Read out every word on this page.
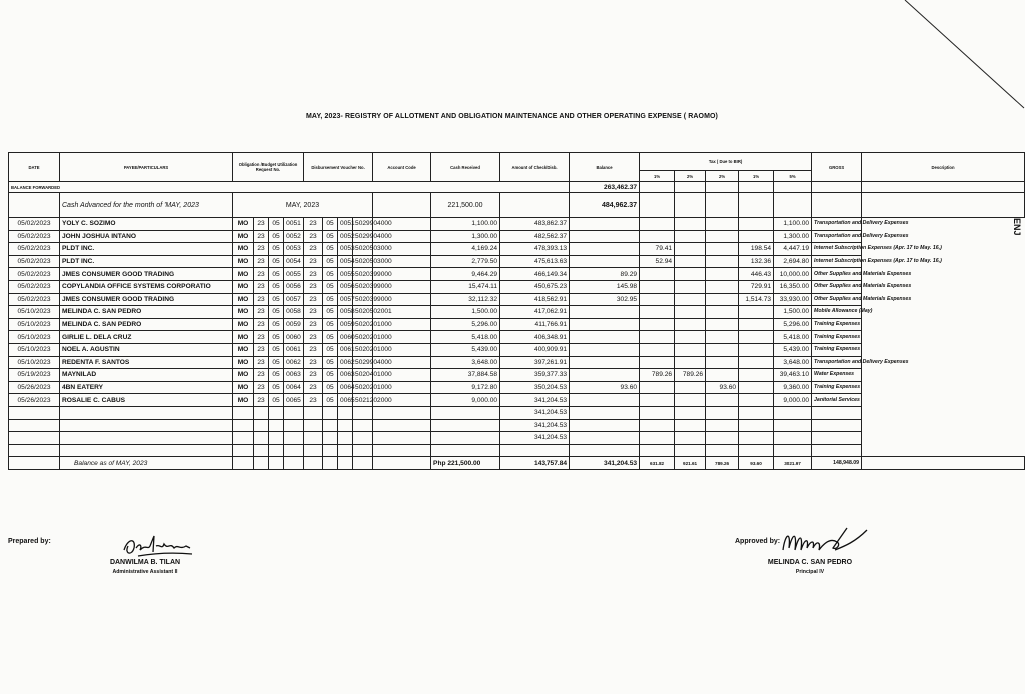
MAY, 2023- REGISTRY OF ALLOTMENT AND OBLIGATION MAINTENANCE AND OTHER OPERATING EXPENSE ( RAOMO)
DATE	PAYEE/PARTICULARS	Obligation /Budget Utilization Request No.				Disbursement Voucher No.				Account Code	Cash Received	Amount of Check/Disb.	Balance	Tax ( Due to BIR)					GROSS	Description
														1%	2%	2%	1%	5%		
BALANCE FORWARDED													263,462.37							
	Cash Advanced for the month of 'MAY, 2023	MAY, 2023									221,500.00		484,962.37							
05/02/2023	YOLY C. SOZIMO	MO	23	05	0051	23	05	0051	5029904000		1,100.00	483,862.37						1,100.00	Transportation and Delivery Expenses	
05/02/2023	JOHN JOSHUA INTANO	MO	23	05	0052	23	05	0052	5029904000		1,300.00	482,562.37						1,300.00	Transportation and Delivery Expenses	
05/02/2023	PLDT INC.	MO	23	05	0053	23	05	0053	5020503000		4,169.24	478,393.13		79.41			198.54	4,447.19	Internet Subscription Expenses (Apr. 17 to May. 16,)	
05/02/2023	PLDT INC.	MO	23	05	0054	23	05	0054	5020503000		2,779.50	475,613.63		52.94			132.36	2,694.80	Internet Subscription Expenses (Apr. 17 to May. 16,)	
05/02/2023	JMES CONSUMER GOOD TRADING	MO	23	05	0055	23	05	0055	5020399000		9,464.29	466,149.34	89.29				446.43	10,000.00	Other Supplies and Materials Expenses	
05/02/2023	COPYLANDIA OFFICE SYSTEMS CORPORATIO	MO	23	05	0056	23	05	0056	5020399000		15,474.11	450,675.23	145.98				729.91	16,350.00	Other Supplies and Materials Expenses	
05/02/2023	JMES CONSUMER GOOD TRADING	MO	23	05	0057	23	05	0057	5020399000		32,112.32	418,562.91	302.95				1,514.73	33,930.00	Other Supplies and Materials Expenses	
05/10/2023	MELINDA C. SAN PEDRO	MO	23	05	0058	23	05	0058	5020502001		1,500.00	417,062.91						1,500.00	Mobile Allowance (May)	
05/10/2023	MELINDA C. SAN PEDRO	MO	23	05	0059	23	05	0059	5020201000		5,296.00	411,766.91						5,296.00	Training Expenses	
05/10/2023	GIRLIE L. DELA CRUZ	MO	23	05	0060	23	05	0060	5020201000		5,418.00	406,348.91						5,418.00	Training Expenses	
05/10/2023	NOEL A. AGUSTIN	MO	23	05	0061	23	05	0061	5020201000		5,439.00	400,909.91						5,439.00	Training Expenses	
05/10/2023	REDENTA F. SANTOS	MO	23	05	0062	23	05	0062	5029904000		3,648.00	397,261.91						3,648.00	Transportation and Delivery Expenses	
05/19/2023	MAYNILAD	MO	23	05	0063	23	05	0063	5020401000		37,884.58	359,377.33		789.26	789.26			39,463.10	Water Expenses	
05/26/2023	4BN EATERY	MO	23	05	0064	23	05	0064	5020201000		9,172.80	350,204.53	93.60			93.60		9,360.00	Training Expenses	
05/26/2023	ROSALIE C. CABUS	MO	23	05	0065	23	05	0065	5021202000		9,000.00	341,204.53						9,000.00	Janitorial Services	
												341,204.53								
												341,204.53								
												341,204.53								

	Balance as of MAY, 2023										Php 221,500.00	143,757.84	341,204.53	631.82	921.61	789.26	93.60	3021.97	148,948.09	
ENJ
Prepared by:
DANWILMA B. TILAN
Administrative Assistant II
Approved by:
MELINDA C. SAN PEDRO
Principal IV
